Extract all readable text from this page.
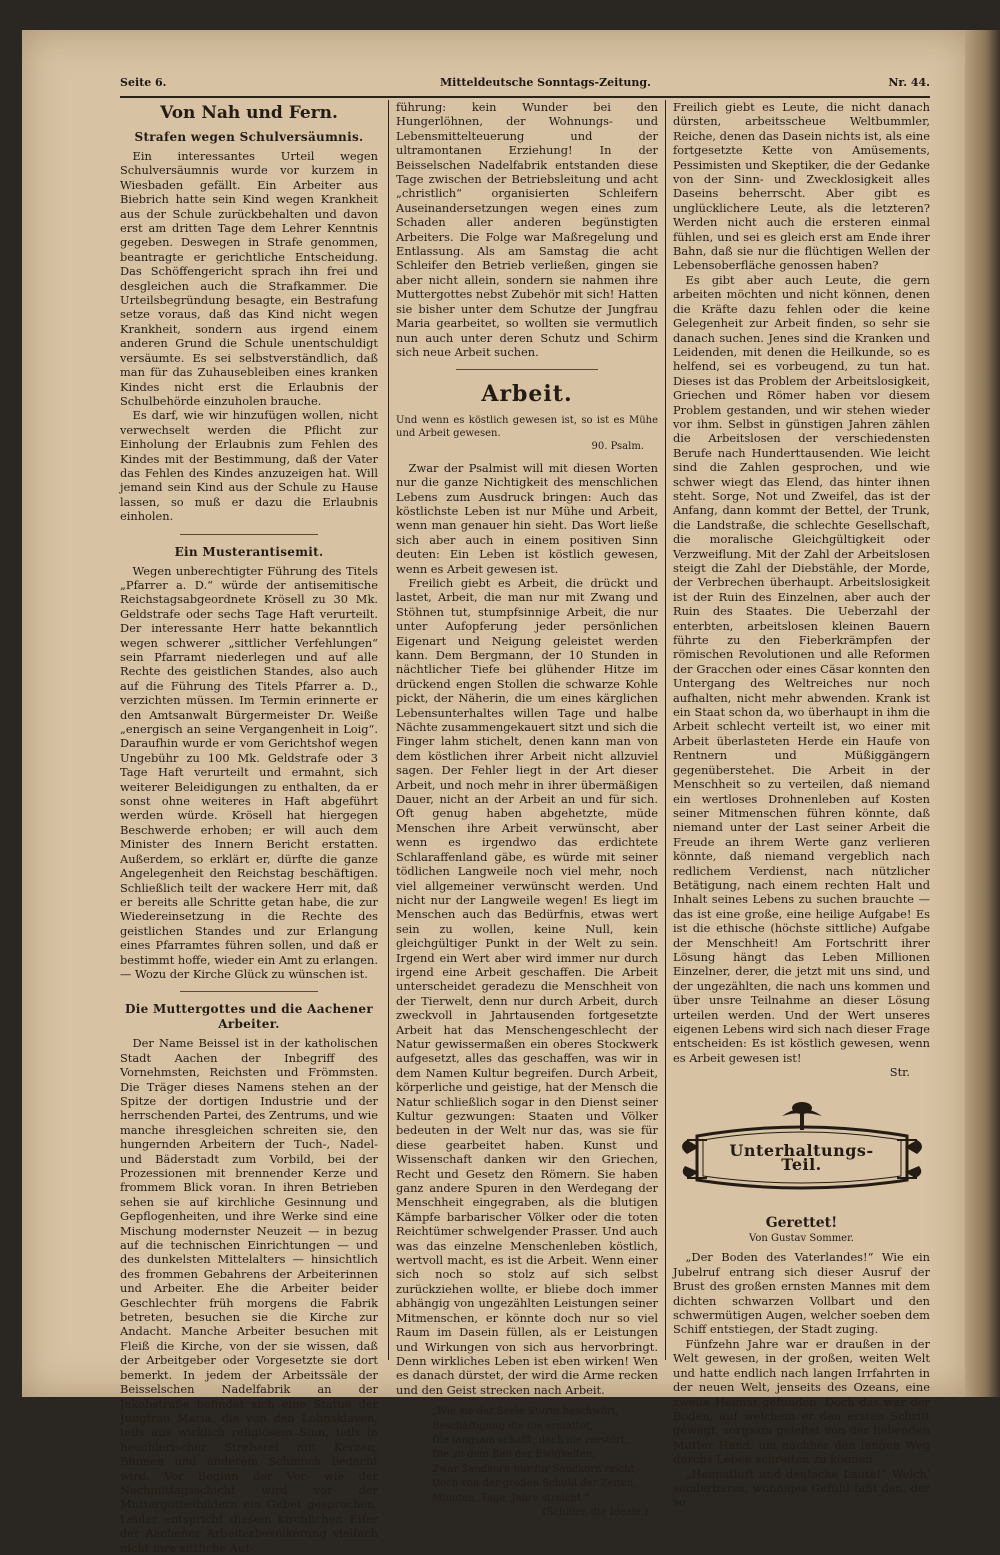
Seite 6.	Mitteldeutsche Sonntags-Zeitung.	Nr. 44.
Von Nah und Fern.
Strafen wegen Schulversäumnis.

Ein interessantes Urteil wegen Schulversäumnis wurde vor kurzem in Wiesbaden gefällt. Ein Arbeiter aus Biebrich hatte sein Kind wegen Krankheit aus der Schule zurückbehalten und davon erst am dritten Tage dem Lehrer Kenntnis gegeben. Deswegen in Strafe genommen, beantragte er gerichtliche Entscheidung. Das Schöffengericht sprach ihn frei und desgleichen auch die Strafkammer. Die Urteilsbegründung besagte, ein Bestrafung setze voraus, daß das Kind nicht wegen Krankheit, sondern aus irgend einem anderen Grund die Schule unentschuldigt versäumte. Es sei selbstverständlich, daß man für das Zuhausebleiben eines kranken Kindes nicht erst die Erlaubnis der Schulbehörde einzuholen brauche.

Es darf, wie wir hinzufügen wollen, nicht verwechselt werden die Pflicht zur Einholung der Erlaubnis zum Fehlen des Kindes mit der Bestimmung, daß der Vater das Fehlen des Kindes anzuzeigen hat. Will jemand sein Kind aus der Schule zu Hause lassen, so muß er dazu die Erlaubnis einholen.

Ein Musterantisemit.

Wegen unberechtigter Führung des Titels „Pfarrer a. D.“ würde der antisemitische Reichstagsabgeordnete Krösell zu 30 Mk. Geldstrafe oder sechs Tage Haft verurteilt. Der interessante Herr hatte bekanntlich wegen schwerer „sittlicher Verfehlungen“ sein Pfarramt niederlegen und auf alle Rechte des geistlichen Standes, also auch auf die Führung des Titels Pfarrer a. D., verzichten müssen. Im Termin erinnerte er den Amtsanwalt Bürgermeister Dr. Weiße „energisch an seine Vergangenheit in Loig“. Daraufhin wurde er vom Gerichtshof wegen Ungebühr zu 100 Mk. Geldstrafe oder 3 Tage Haft verurteilt und ermahnt, sich weiterer Beleidigungen zu enthalten, da er sonst ohne weiteres in Haft abgeführt werden würde. Krösell hat hiergegen Beschwerde erhoben; er will auch dem Minister des Innern Bericht erstatten. Außerdem, so erklärt er, dürfte die ganze Angelegenheit den Reichstag beschäftigen. Schließlich teilt der wackere Herr mit, daß er bereits alle Schritte getan habe, die zur Wiedereinsetzung in die Rechte des geistlichen Standes und zur Erlangung eines Pfarramtes führen sollen, und daß er bestimmt hoffe, wieder ein Amt zu erlangen. — Wozu der Kirche Glück zu wünschen ist.

Die Muttergottes und die Aachener Arbeiter.

Der Name Beissel ist in der katholischen Stadt Aachen der Inbegriff des Vornehmsten, Reichsten und Frömmsten. Die Träger dieses Namens stehen an der Spitze der dortigen Industrie und der herrschenden Partei, des Zentrums, und wie manche ihresgleichen schreiten sie, den hungernden Arbeitern der Tuch-, Nadel- und Bäderstadt zum Vorbild, bei der Prozessionen mit brennender Kerze und frommem Blick voran. In ihren Betrieben sehen sie auf kirchliche Gesinnung und Gepflogenheiten, und ihre Werke sind eine Mischung modernster Neuzeit — in bezug auf die technischen Einrichtungen — und des dunkelsten Mittelalters — hinsichtlich des frommen Gebahrens der Arbeiterinnen und Arbeiter. Ehe die Arbeiter beider Geschlechter früh morgens die Fabrik betreten, besuchen sie die Kirche zur Andacht. Manche Arbeiter besuchen mit Fleiß die Kirche, von der sie wissen, daß der Arbeitgeber oder Vorgesetzte sie dort bemerkt. In jedem der Arbeitssäle der Beisselschen Nadelfabrik an der Jakobstraße befindet sich eine Statue der Jungfrau Maria, die von den Lohnsklaven, teils aus wirklich religiösem Sinn, teils in heuchlerischer Streberei mit Kerzen, Blumen und anderem Schmuck bedacht wird. Vor Beginn der Vor- wie der Nachmittagsschicht wird vor der Muttergottesbildern ein Gebet gesprochen. Leider entspricht diesem kirchlichen Eifer der Aachener Arbeiterbevölkerung vielfach nicht ihre sittliche Auf-

führung: kein Wunder bei den Hungerlöhnen, der Wohnungs- und Lebensmittelteuerung und der ultramontanen Erziehung! In der Beisselschen Nadelfabrik entstanden diese Tage zwischen der Betriebsleitung und acht „christlich“ organisierten Schleifern Auseinandersetzungen wegen eines zum Schaden aller anderen begünstigten Arbeiters. Die Folge war Maßregelung und Entlassung. Als am Samstag die acht Schleifer den Betrieb verließen, gingen sie aber nicht allein, sondern sie nahmen ihre Muttergottes nebst Zubehör mit sich! Hatten sie bisher unter dem Schutze der Jungfrau Maria gearbeitet, so wollten sie vermutlich nun auch unter deren Schutz und Schirm sich neue Arbeit suchen.

Arbeit.

Und wenn es köstlich gewesen ist, so ist es Mühe und Arbeit gewesen.

90. Psalm.

Zwar der Psalmist will mit diesen Worten nur die ganze Nichtigkeit des menschlichen Lebens zum Ausdruck bringen: Auch das köstlichste Leben ist nur Mühe und Arbeit, wenn man genauer hin sieht. Das Wort ließe sich aber auch in einem positiven Sinn deuten: Ein Leben ist köstlich gewesen, wenn es Arbeit gewesen ist.

Freilich giebt es Arbeit, die drückt und lastet, Arbeit, die man nur mit Zwang und Stöhnen tut, stumpfsinnige Arbeit, die nur unter Aufopferung jeder persönlichen Eigenart und Neigung geleistet werden kann. Dem Bergmann, der 10 Stunden in nächtlicher Tiefe bei glühender Hitze im drückend engen Stollen die schwarze Kohle pickt, der Näherin, die um eines kärglichen Lebensunterhaltes willen Tage und halbe Nächte zusammengekauert sitzt und sich die Finger lahm stichelt, denen kann man von dem köstlichen ihrer Arbeit nicht allzuviel sagen. Der Fehler liegt in der Art dieser Arbeit, und noch mehr in ihrer übermäßigen Dauer, nicht an der Arbeit an und für sich. Oft genug haben abgehetzte, müde Menschen ihre Arbeit verwünscht, aber wenn es irgendwo das erdichtete Schlaraffenland gäbe, es würde mit seiner tödlichen Langweile noch viel mehr, noch viel allgemeiner verwünscht werden. Und nicht nur der Langweile wegen! Es liegt im Menschen auch das Bedürfnis, etwas wert sein zu wollen, keine Null, kein gleichgültiger Punkt in der Welt zu sein. Irgend ein Wert aber wird immer nur durch irgend eine Arbeit geschaffen. Die Arbeit unterscheidet geradezu die Menschheit von der Tierwelt, denn nur durch Arbeit, durch zweckvoll in Jahrtausenden fortgesetzte Arbeit hat das Menschengeschlecht der Natur gewissermaßen ein oberes Stockwerk aufgesetzt, alles das geschaffen, was wir in dem Namen Kultur begreifen. Durch Arbeit, körperliche und geistige, hat der Mensch die Natur schließlich sogar in den Dienst seiner Kultur gezwungen: Staaten und Völker bedeuten in der Welt nur das, was sie für diese gearbeitet haben. Kunst und Wissenschaft danken wir den Griechen, Recht und Gesetz den Römern. Sie haben ganz andere Spuren in den Werdegang der Menschheit eingegraben, als die blutigen Kämpfe barbarischer Völker oder die toten Reichtümer schwelgender Prasser. Und auch was das einzelne Menschenleben köstlich, wertvoll macht, es ist die Arbeit. Wenn einer sich noch so stolz auf sich selbst zurückziehen wollte, er bliebe doch immer abhängig von ungezählten Leistungen seiner Mitmenschen, er könnte doch nur so viel Raum im Dasein füllen, als er Leistungen und Wirkungen von sich aus hervorbringt. Denn wirkliches Leben ist eben wirken! Wen es danach dürstet, der wird die Arme recken und den Geist strecken nach Arbeit.

„Wie sie der Seele Sturm beschwört,
Beschäftigung die nie ermattet,
Die langsam schafft, doch nie zerstört,
Die zu dem Bau der Ewigkeiten,
Zwar Sandkorn nur für Sandkorn reicht,
Doch von der großen Schuld der Zeiten,
Minuten, Tage, Jahre streicht.“
(Schiller, die Ideale.)

Freilich giebt es Leute, die nicht danach dürsten, arbeitsscheue Weltbummler, Reiche, denen das Dasein nichts ist, als eine fortgesetzte Kette von Amüsements, Pessimisten und Skeptiker, die der Gedanke von der Sinn- und Zwecklosigkeit alles Daseins beherrscht. Aber gibt es unglücklichere Leute, als die letzteren? Werden nicht auch die ersteren einmal fühlen, und sei es gleich erst am Ende ihrer Bahn, daß sie nur die flüchtigen Wellen der Lebensoberfläche genossen haben?

Es gibt aber auch Leute, die gern arbeiten möchten und nicht können, denen die Kräfte dazu fehlen oder die keine Gelegenheit zur Arbeit finden, so sehr sie danach suchen. Jenes sind die Kranken und Leidenden, mit denen die Heilkunde, so es helfend, sei es vorbeugend, zu tun hat. Dieses ist das Problem der Arbeitslosigkeit, Griechen und Römer haben vor diesem Problem gestanden, und wir stehen wieder vor ihm. Selbst in günstigen Jahren zählen die Arbeitslosen der verschiedensten Berufe nach Hunderttausenden. Wie leicht sind die Zahlen gesprochen, und wie schwer wiegt das Elend, das hinter ihnen steht. Sorge, Not und Zweifel, das ist der Anfang, dann kommt der Bettel, der Trunk, die Landstraße, die schlechte Gesellschaft, die moralische Gleichgültigkeit oder Verzweiflung. Mit der Zahl der Arbeitslosen steigt die Zahl der Diebstähle, der Morde, der Verbrechen überhaupt. Arbeitslosigkeit ist der Ruin des Einzelnen, aber auch der Ruin des Staates. Die Ueberzahl der enterbten, arbeitslosen kleinen Bauern führte zu den Fieberkrämpfen der römischen Revolutionen und alle Reformen der Gracchen oder eines Cäsar konnten den Untergang des Weltreiches nur noch aufhalten, nicht mehr abwenden. Krank ist ein Staat schon da, wo überhaupt in ihm die Arbeit schlecht verteilt ist, wo einer mit Arbeit überlasteten Herde ein Haufe von Rentnern und Müßiggängern gegenüberstehet. Die Arbeit in der Menschheit so zu verteilen, daß niemand ein wertloses Drohnenleben auf Kosten seiner Mitmenschen führen könnte, daß niemand unter der Last seiner Arbeit die Freude an ihrem Werte ganz verlieren könnte, daß niemand vergeblich nach redlichem Verdienst, nach nützlicher Betätigung, nach einem rechten Halt und Inhalt seines Lebens zu suchen brauchte — das ist eine große, eine heilige Aufgabe! Es ist die ethische (höchste sittliche) Aufgabe der Menschheit! Am Fortschritt ihrer Lösung hängt das Leben Millionen Einzelner, derer, die jetzt mit uns sind, und der ungezählten, die nach uns kommen und über unsre Teilnahme an dieser Lösung urteilen werden. Und der Wert unseres eigenen Lebens wird sich nach dieser Frage entscheiden: Es ist köstlich gewesen, wenn es Arbeit gewesen ist!

Str.
Unterhaltungs-Teil.
Gerettet!
Von Gustav Sommer.

„Der Boden des Vaterlandes!“ Wie ein Jubelruf entrang sich dieser Ausruf der Brust des großen ernsten Mannes mit dem dichten schwarzen Vollbart und den schwermütigen Augen, welcher soeben dem Schiff entstiegen, der Stadt zuging.

Fünfzehn Jahre war er draußen in der Welt gewesen, in der großen, weiten Welt und hatte endlich nach langen Irrfahrten in der neuen Welt, jenseits des Ozeans, eine zweite Heimat gefunden. Doch das war der Boden, auf welchem er den ersten Schritt gewagt, sorgsam geleitet von der liebenden Mutter Hand, um nachher den langen Weg durchs Leben schreiten zu können.

„Heimatluft und deutsche Laute!“ Welch' sonderbares, wonniges Gefühl faßt den, der so
